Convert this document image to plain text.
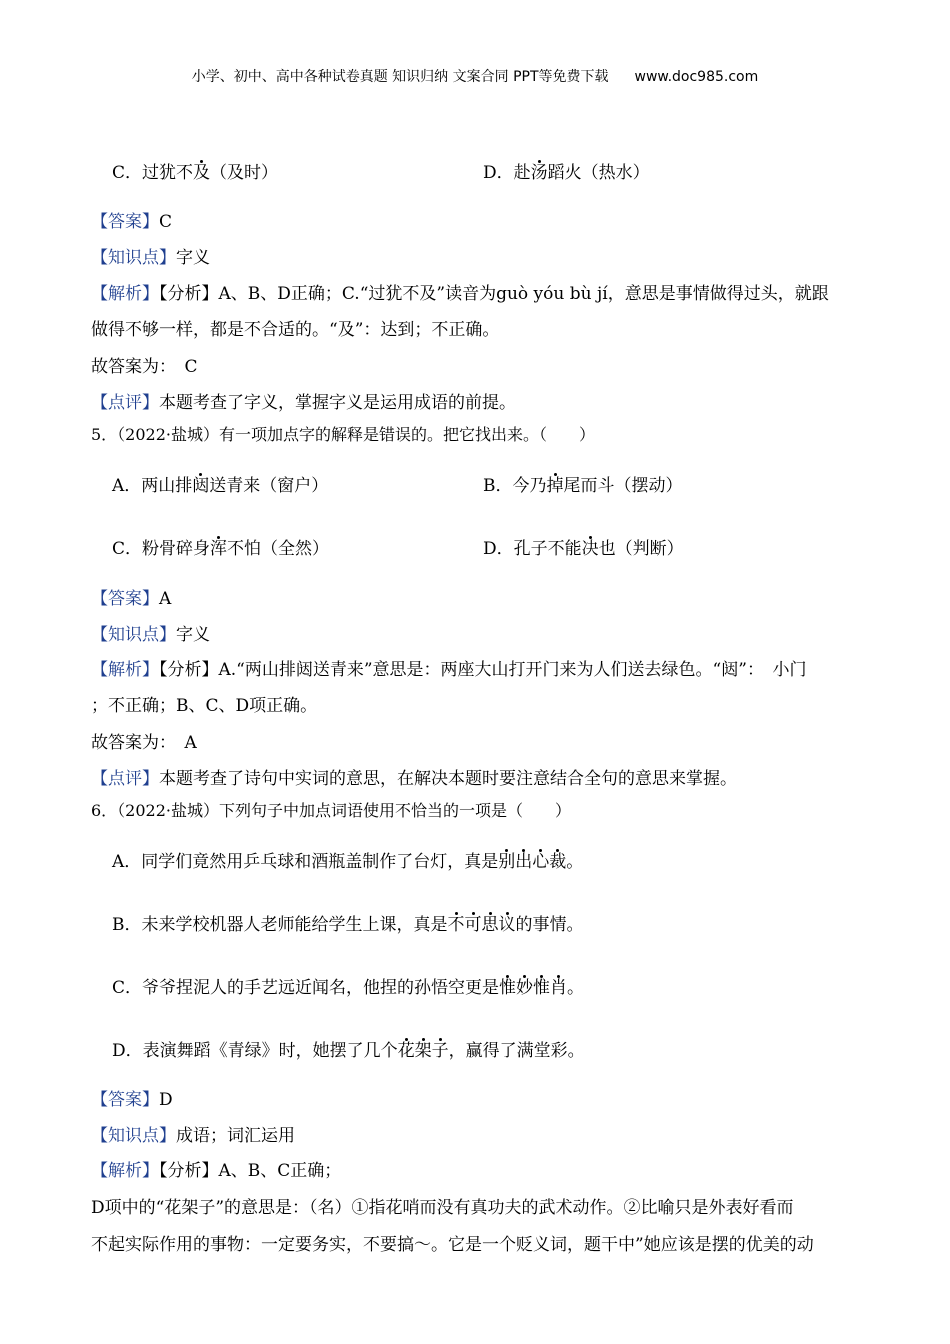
小学、初中、高中各种试卷真题 知识归纳 文案合同 PPT等免费下载 www.doc985.com
C．过犹不及（及时）	D．赴汤蹈火（热水）
【答案】C
【知识点】字义
【解析】【分析】A、B、D正确；C.“过犹不及”读音为guò yóu bù jí，意思是事情做得过头，就跟
做得不够一样，都是不合适的。“及”：达到；不正确。
故答案为：　C
【点评】本题考查了字义，掌握字义是运用成语的前提。
5．（2022·盐城）有一项加点字的解释是错误的。把它找出来。（　　）
A．两山排闼送青来（窗户）	B．今乃掉尾而斗（摆动）
C．粉骨碎身浑不怕（全然）	D．孔子不能决也（判断）
【答案】A
【知识点】字义
【解析】【分析】A.“两山排闼送青来”意思是：两座大山打开门来为人们送去绿色。“闼”：　小门
；不正确；B、C、D项正确。
故答案为：　A
【点评】本题考查了诗句中实词的意思，在解决本题时要注意结合全句的意思来掌握。
6．（2022·盐城）下列句子中加点词语使用不恰当的一项是（　　）
A．同学们竟然用乒乓球和酒瓶盖制作了台灯，真是别出心裁。
B．未来学校机器人老师能给学生上课，真是不可思议的事情。
C．爷爷捏泥人的手艺远近闻名，他捏的孙悟空更是惟妙惟肖。
D．表演舞蹈《青绿》时，她摆了几个花架子，赢得了满堂彩。
【答案】D
【知识点】成语；词汇运用
【解析】【分析】A、B、C正确；
D项中的“花架子”的意思是：（名）①指花哨而没有真功夫的武术动作。②比喻只是外表好看而
不起实际作用的事物：一定要务实，不要搞～。它是一个贬义词，题干中”她应该是摆的优美的动
